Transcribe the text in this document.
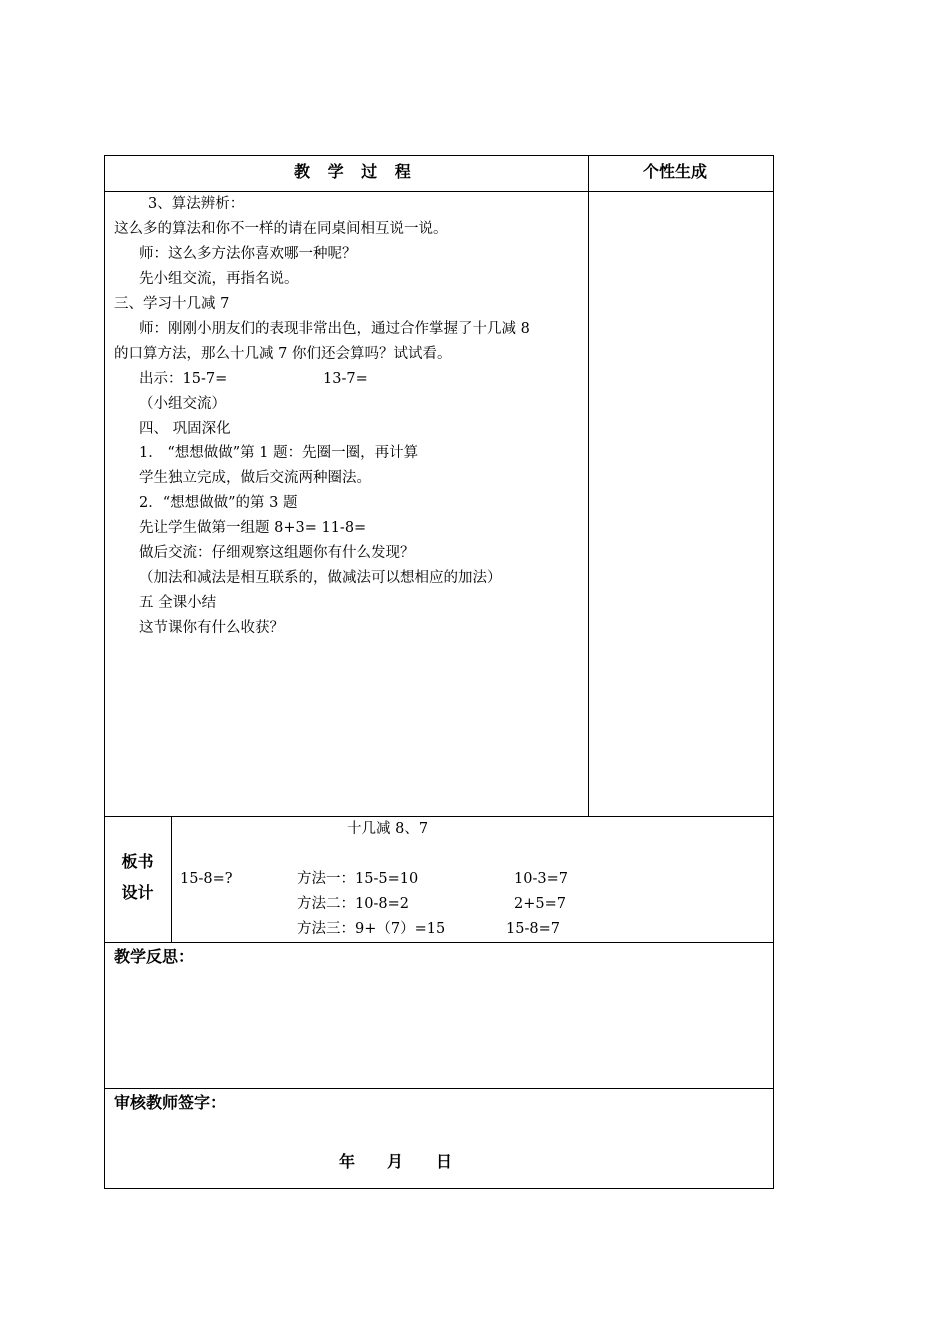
教 学 过 程	个性生成
3、算法辨析：
这么多的算法和你不一样的请在同桌间相互说一说。
师：这么多方法你喜欢哪一种呢？
先小组交流，再指名说。
三、学习十几减 7
师：刚刚小朋友们的表现非常出色，通过合作掌握了十几减 8
的口算方法，那么十几减 7 你们还会算吗？试试看。
出示：15-7=	13-7=
（小组交流）
四、 巩固深化
1． “想想做做”第 1 题：先圈一圈，再计算
学生独立完成，做后交流两种圈法。
2．“想想做做”的第 3 题
先让学生做第一组题 8+3= 11-8=
做后交流：仔细观察这组题你有什么发现？
（加法和减法是相互联系的，做减法可以想相应的加法）
五 全课小结
这节课你有什么收获？
板书
设计
十几减 8、7
15-8=?	方法一：15-5=10	10-3=7
方法二：10-8=2	2+5=7
方法三：9+（7）=15	15-8=7
教学反思：
审核教师签字：
年 月 日
